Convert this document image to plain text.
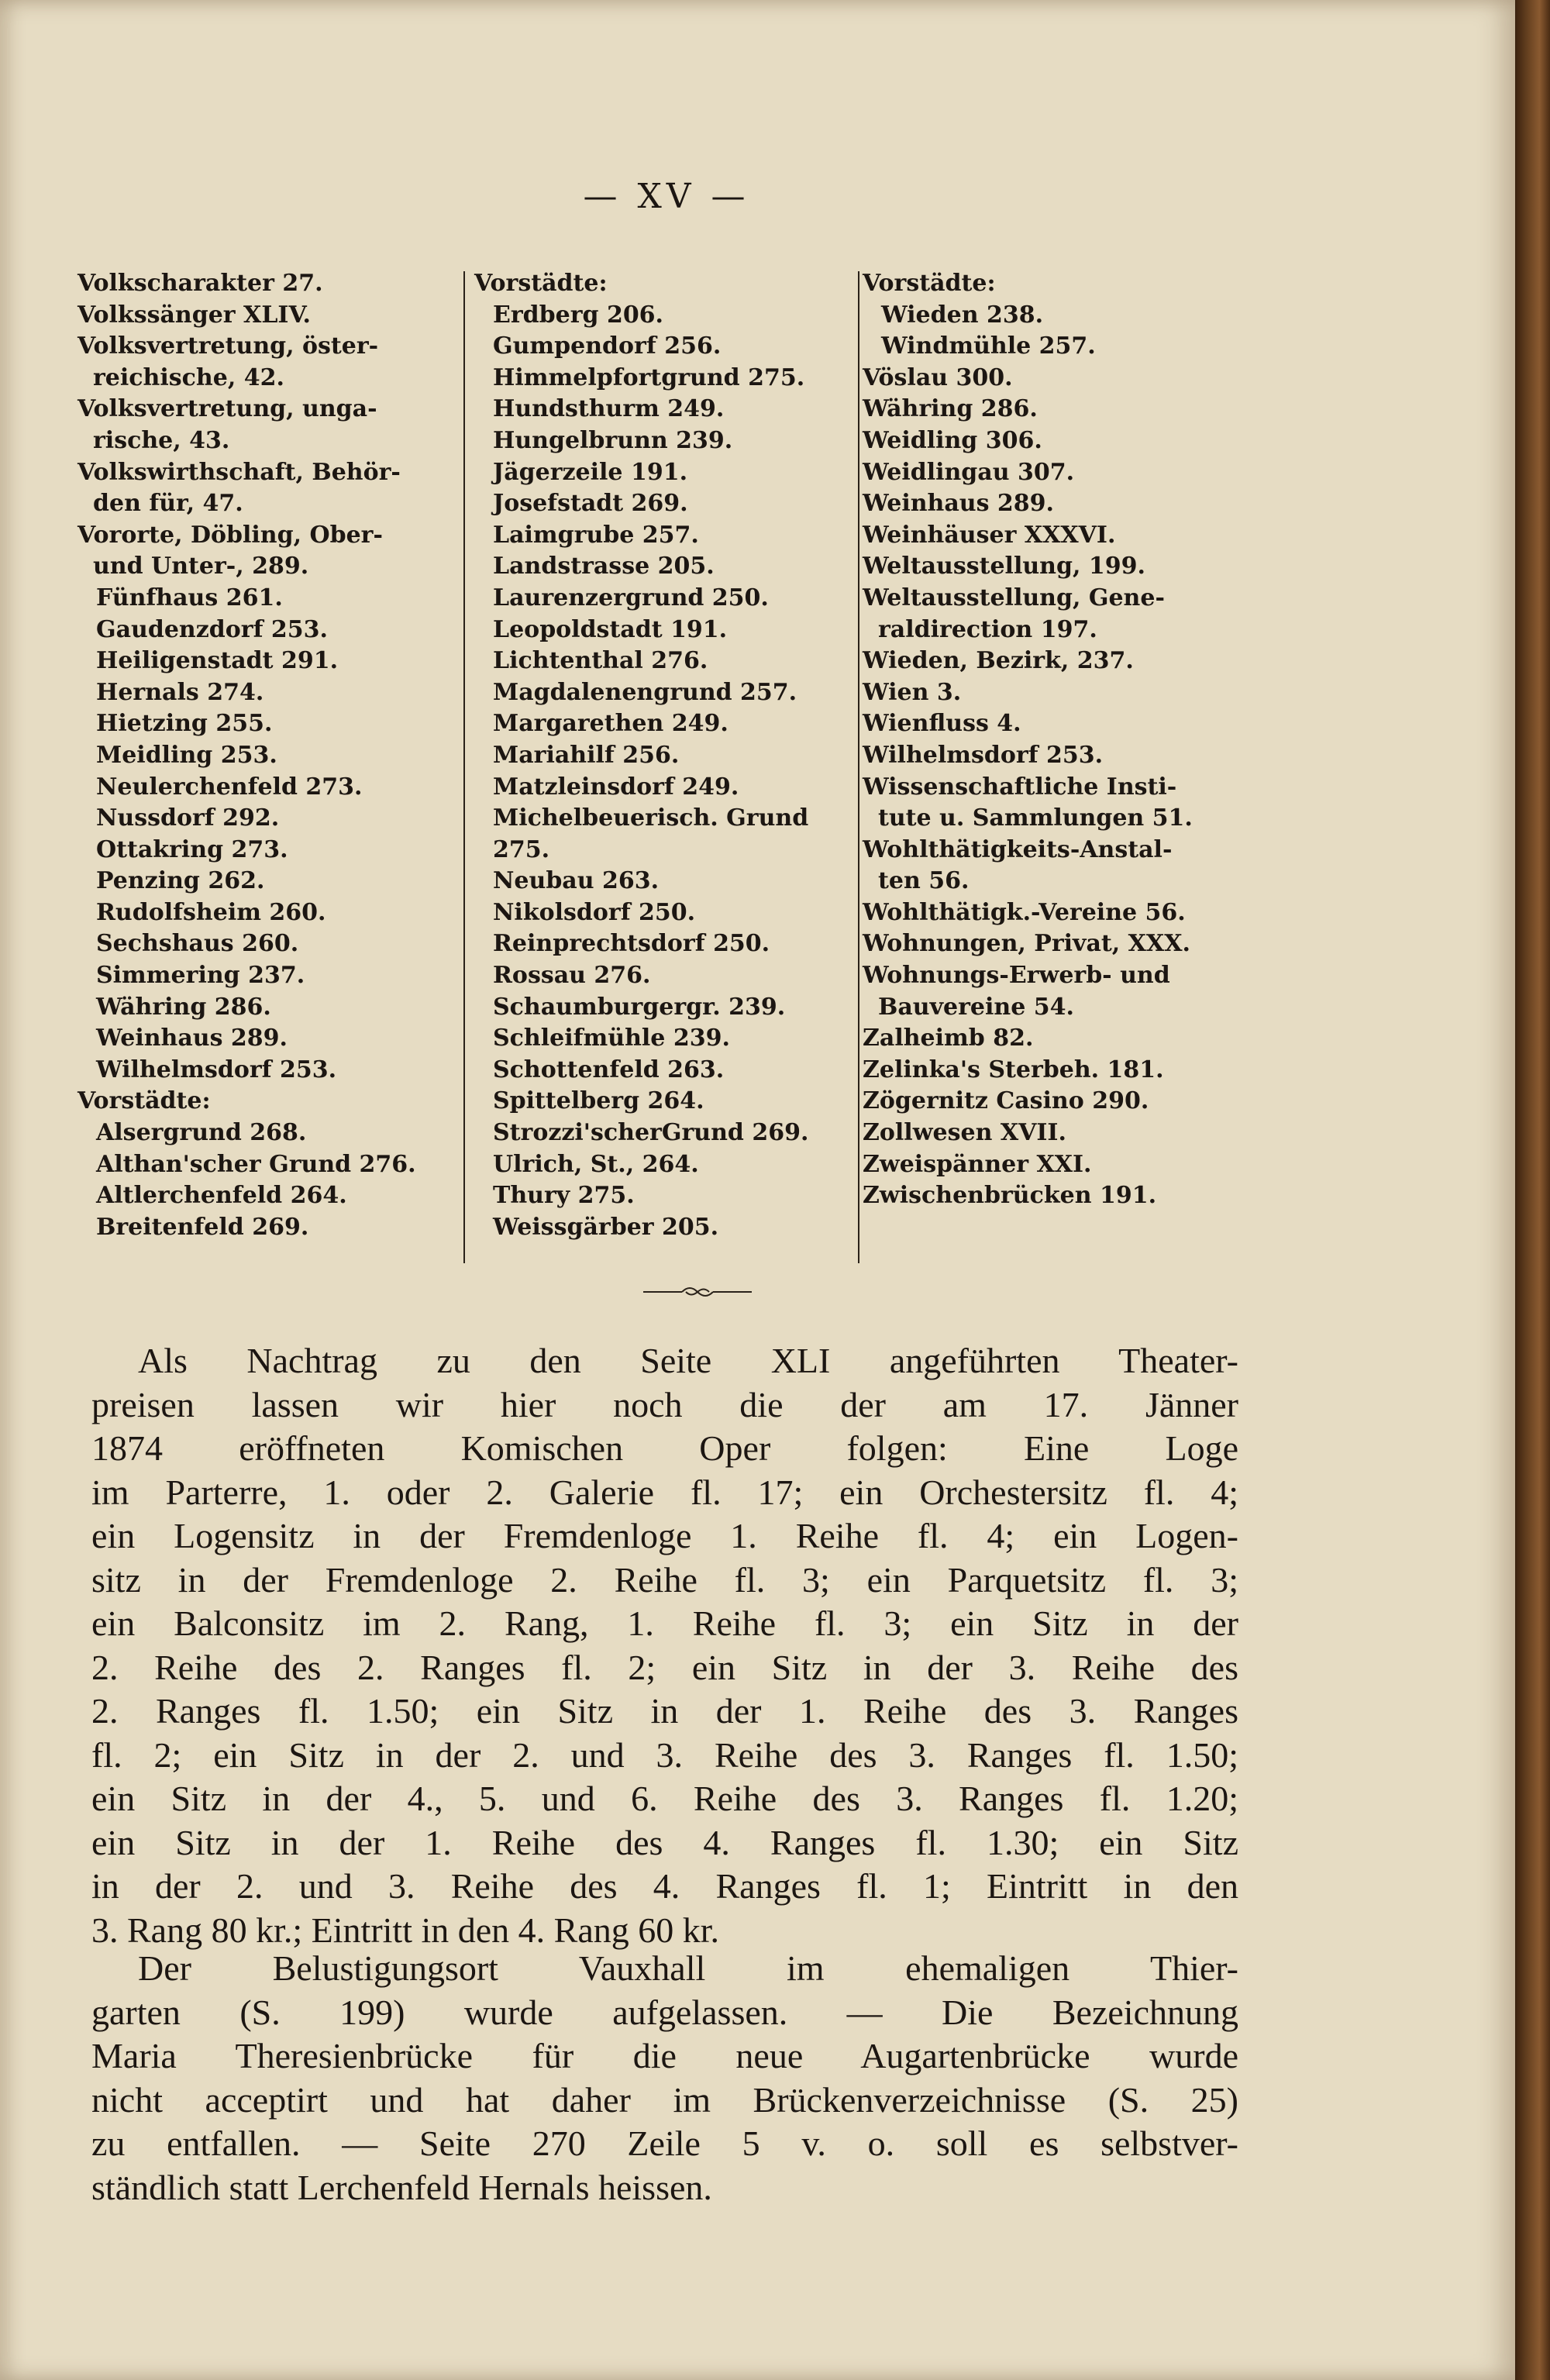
— XV —
Volkscharakter 27.
Volkssänger XLIV.
Volksvertretung, öster-
reichische, 42.
Volksvertretung, unga-
rische, 43.
Volkswirthschaft, Behör-
den für, 47.
Vororte, Döbling, Ober-
und Unter-, 289.
Fünfhaus 261.
Gaudenzdorf 253.
Heiligenstadt 291.
Hernals 274.
Hietzing 255.
Meidling 253.
Neulerchenfeld 273.
Nussdorf 292.
Ottakring 273.
Penzing 262.
Rudolfsheim 260.
Sechshaus 260.
Simmering 237.
Währing 286.
Weinhaus 289.
Wilhelmsdorf 253.
Vorstädte:
Alsergrund 268.
Althan'scher Grund 276.
Altlerchenfeld 264.
Breitenfeld 269.
Vorstädte:
Erdberg 206.
Gumpendorf 256.
Himmelpfortgrund 275.
Hundsthurm 249.
Hungelbrunn 239.
Jägerzeile 191.
Josefstadt 269.
Laimgrube 257.
Landstrasse 205.
Laurenzergrund 250.
Leopoldstadt 191.
Lichtenthal 276.
Magdalenengrund 257.
Margarethen 249.
Mariahilf 256.
Matzleinsdorf 249.
Michelbeuerisch. Grund
275.
Neubau 263.
Nikolsdorf 250.
Reinprechtsdorf 250.
Rossau 276.
Schaumburgergr. 239.
Schleifmühle 239.
Schottenfeld 263.
Spittelberg 264.
Strozzi'scherGrund 269.
Ulrich, St., 264.
Thury 275.
Weissgärber 205.
Vorstädte:
Wieden 238.
Windmühle 257.
Vöslau 300.
Währing 286.
Weidling 306.
Weidlingau 307.
Weinhaus 289.
Weinhäuser XXXVI.
Weltausstellung, 199.
Weltausstellung, Gene-
raldirection 197.
Wieden, Bezirk, 237.
Wien 3.
Wienfluss 4.
Wilhelmsdorf 253.
Wissenschaftliche Insti-
tute u. Sammlungen 51.
Wohlthätigkeits-Anstal-
ten 56.
Wohlthätigk.-Vereine 56.
Wohnungen, Privat, XXX.
Wohnungs-Erwerb- und
Bauvereine 54.
Zalheimb 82.
Zelinka's Sterbeh. 181.
Zögernitz Casino 290.
Zollwesen XVII.
Zweispänner XXI.
Zwischenbrücken 191.
Als Nachtrag zu den Seite XLI angeführten Theater-
preisen lassen wir hier noch die der am 17. Jänner
1874 eröffneten Komischen Oper folgen: Eine Loge
im Parterre, 1. oder 2. Galerie fl. 17; ein Orchestersitz fl. 4;
ein Logensitz in der Fremdenloge 1. Reihe fl. 4; ein Logen-
sitz in der Fremdenloge 2. Reihe fl. 3; ein Parquetsitz fl. 3;
ein Balconsitz im 2. Rang, 1. Reihe fl. 3; ein Sitz in der
2. Reihe des 2. Ranges fl. 2; ein Sitz in der 3. Reihe des
2. Ranges fl. 1.50; ein Sitz in der 1. Reihe des 3. Ranges
fl. 2; ein Sitz in der 2. und 3. Reihe des 3. Ranges fl. 1.50;
ein Sitz in der 4., 5. und 6. Reihe des 3. Ranges fl. 1.20;
ein Sitz in der 1. Reihe des 4. Ranges fl. 1.30; ein Sitz
in der 2. und 3. Reihe des 4. Ranges fl. 1; Eintritt in den
3. Rang 80 kr.; Eintritt in den 4. Rang 60 kr.
Der Belustigungsort Vauxhall im ehemaligen Thier-
garten (S. 199) wurde aufgelassen. — Die Bezeichnung
Maria Theresienbrücke für die neue Augartenbrücke wurde
nicht acceptirt und hat daher im Brückenverzeichnisse (S. 25)
zu entfallen. — Seite 270 Zeile 5 v. o. soll es selbstver-
ständlich statt Lerchenfeld Hernals heissen.
